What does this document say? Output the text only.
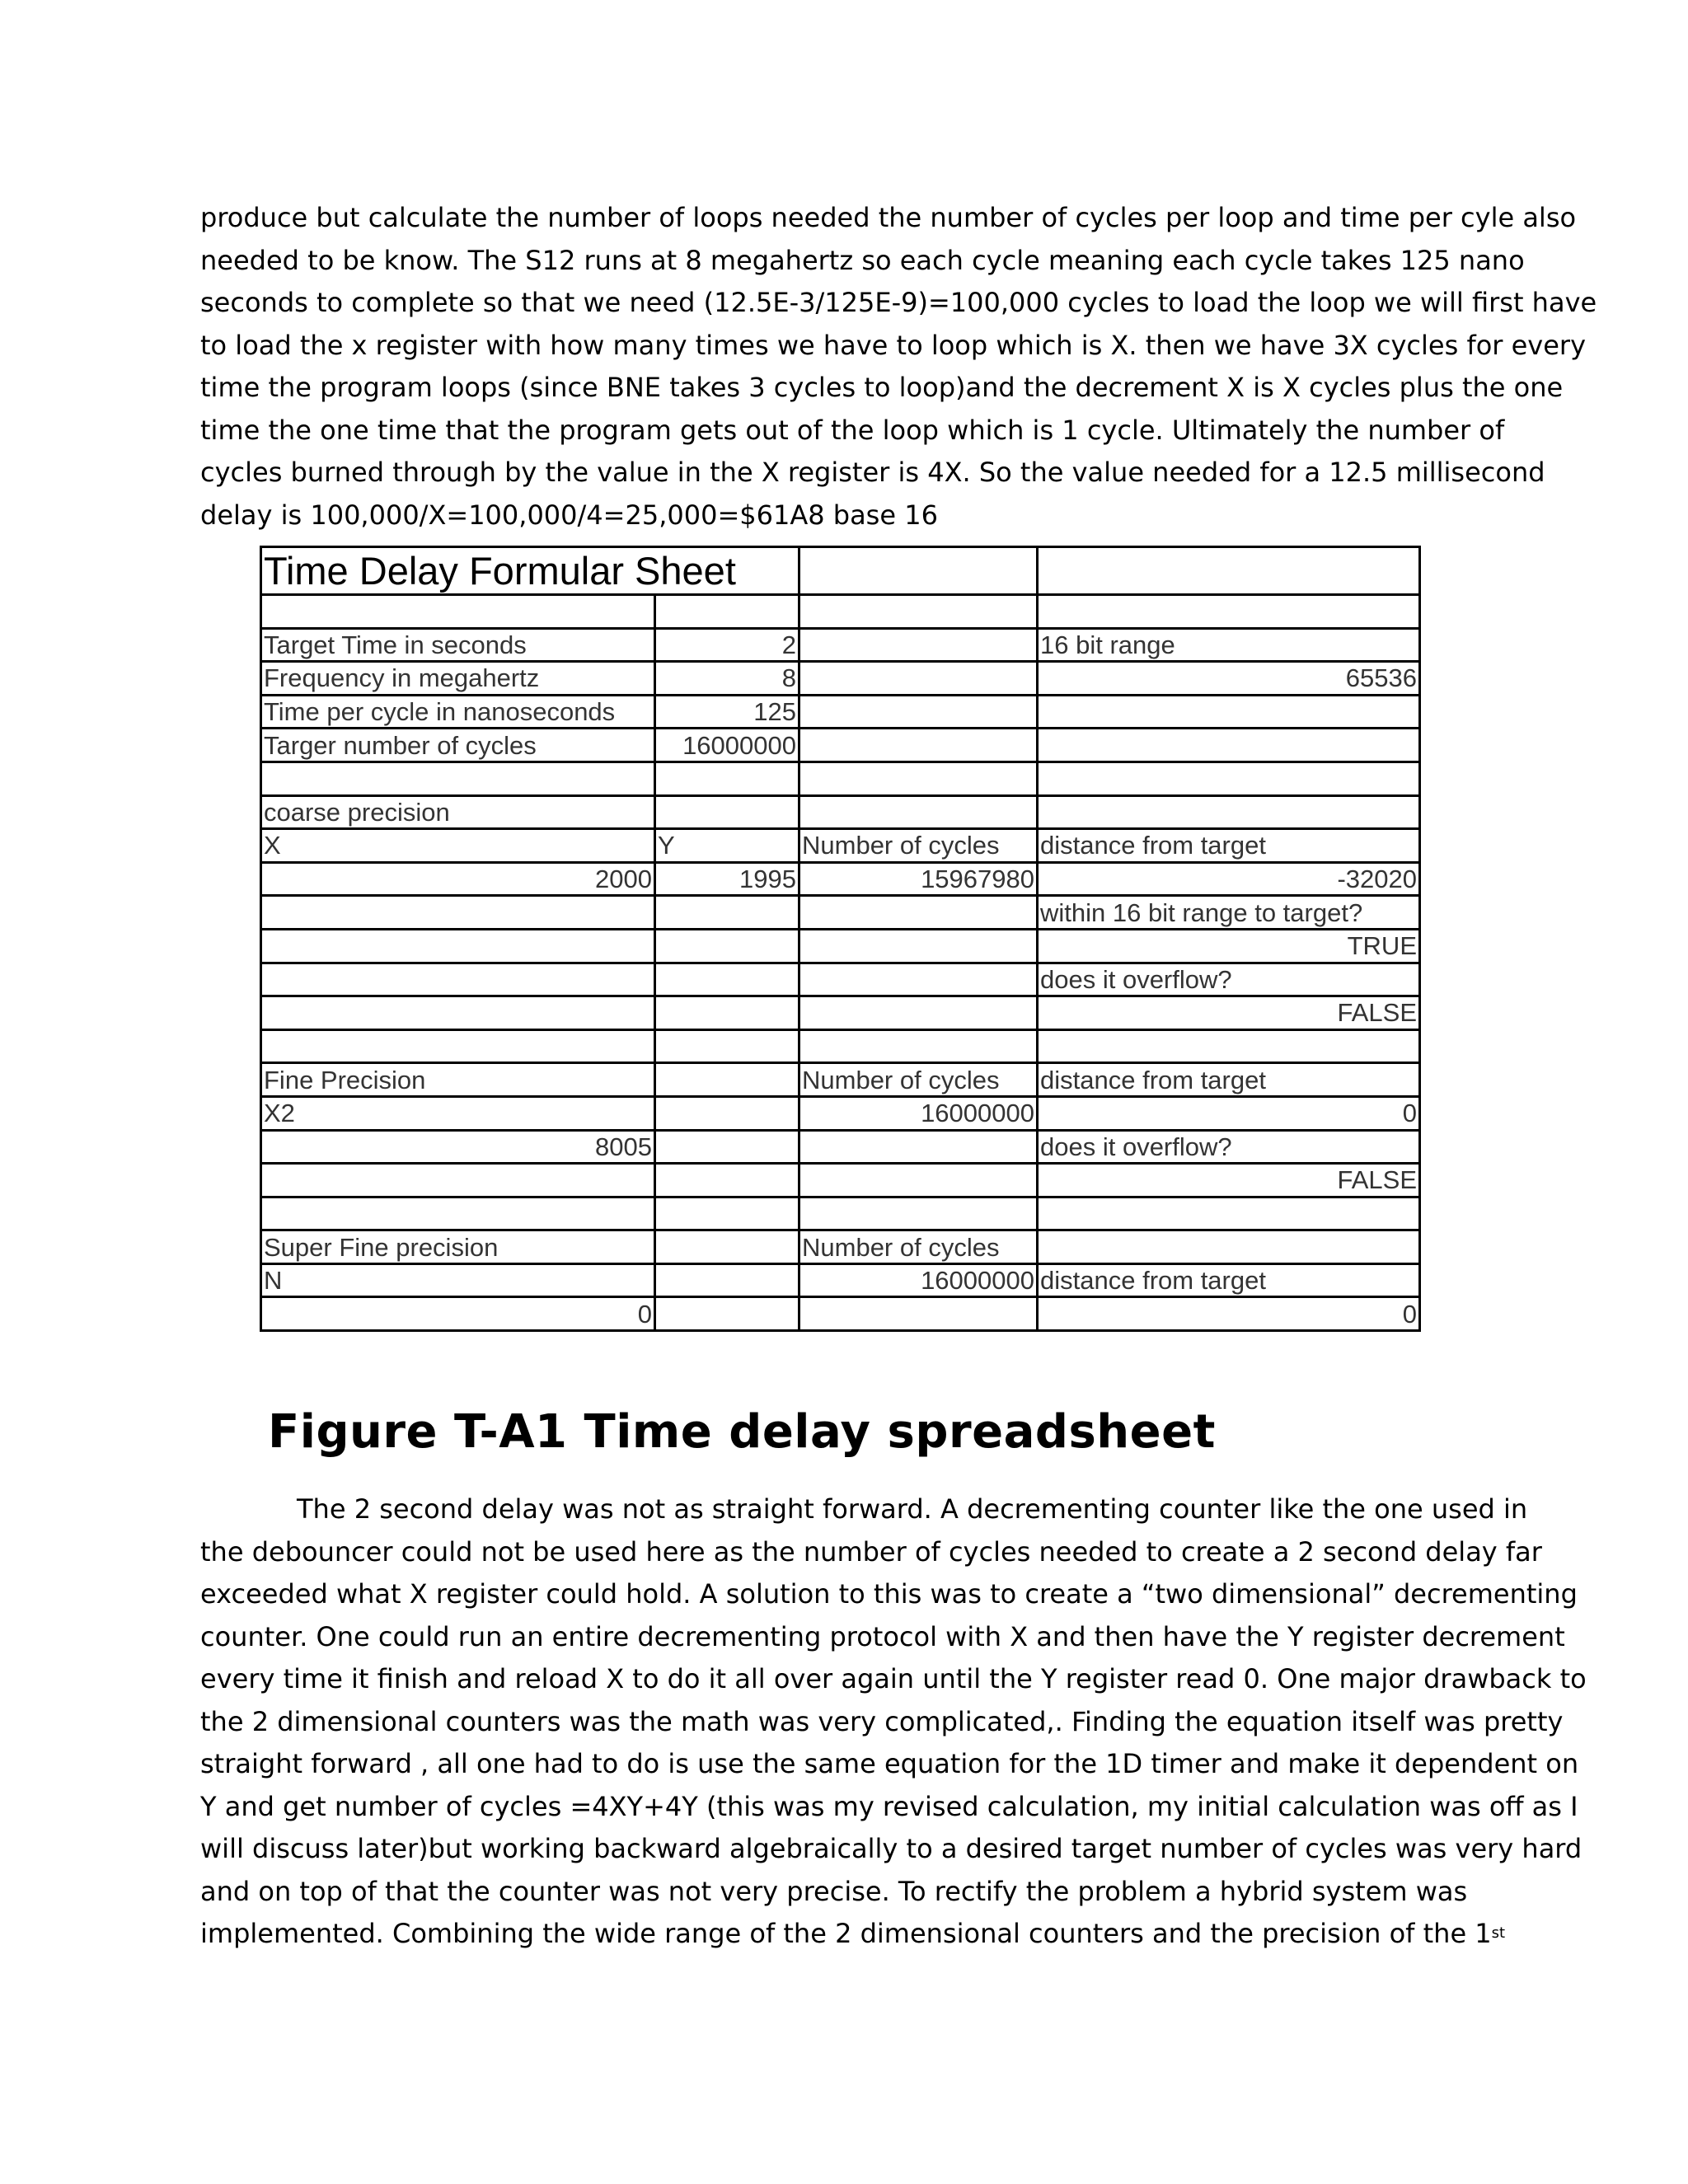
produce but calculate the number of loops needed the number of cycles per loop and time per cyle also

needed to be know. The S12 runs at 8 megahertz so each cycle meaning each cycle takes 125 nano

seconds to complete so that we need (12.5E-3/125E-9)=100,000 cycles to load the loop we will first have

to load the x register with how many times we have to loop which is X. then we have 3X cycles for every

time the program loops (since BNE takes 3 cycles to loop)and the decrement X is X cycles plus the one

time the one time that the program gets out of the loop which is 1 cycle. Ultimately the number of

cycles burned through by the value in the X register is 4X. So the value needed for a 12.5 millisecond

delay is 100,000/X=100,000/4=25,000=$61A8 base 16

Time Delay Formular Sheet			

Target Time in seconds	2		16 bit range
Frequency in megahertz	8		65536
Time per cycle in nanoseconds	125		
Targer number of cycles	16000000		

coarse precision			
X	Y	Number of cycles	distance from target
2000	1995	15967980	-32020
			within 16 bit range to target?
			TRUE
			does it overflow?
			FALSE

Fine Precision		Number of cycles	distance from target
X2		16000000	0
8005			does it overflow?
			FALSE

Super Fine precision		Number of cycles	
N		16000000	distance from target
0			0
Figure T-A1 Time delay spreadsheet

The 2 second delay was not as straight forward. A decrementing counter like the one used in

the debouncer could not be used here as the number of cycles needed to create a 2 second delay far

exceeded what X register could hold. A solution to this was to create a “two dimensional” decrementing

counter. One could run an entire decrementing protocol with X and then have the Y register decrement

every time it finish and reload X to do it all over again until the Y register read 0. One major drawback to

the 2 dimensional counters was the math was very complicated,. Finding the equation itself was pretty

straight forward , all one had to do is use the same equation for the 1D timer and make it dependent on

Y and get number of cycles =4XY+4Y (this was my revised calculation, my initial calculation was off as I

will discuss later)but working backward algebraically to a desired target number of cycles was very hard

and on top of that the counter was not very precise. To rectify the problem a hybrid system was

implemented. Combining the wide range of the 2 dimensional counters and the precision of the 1st
